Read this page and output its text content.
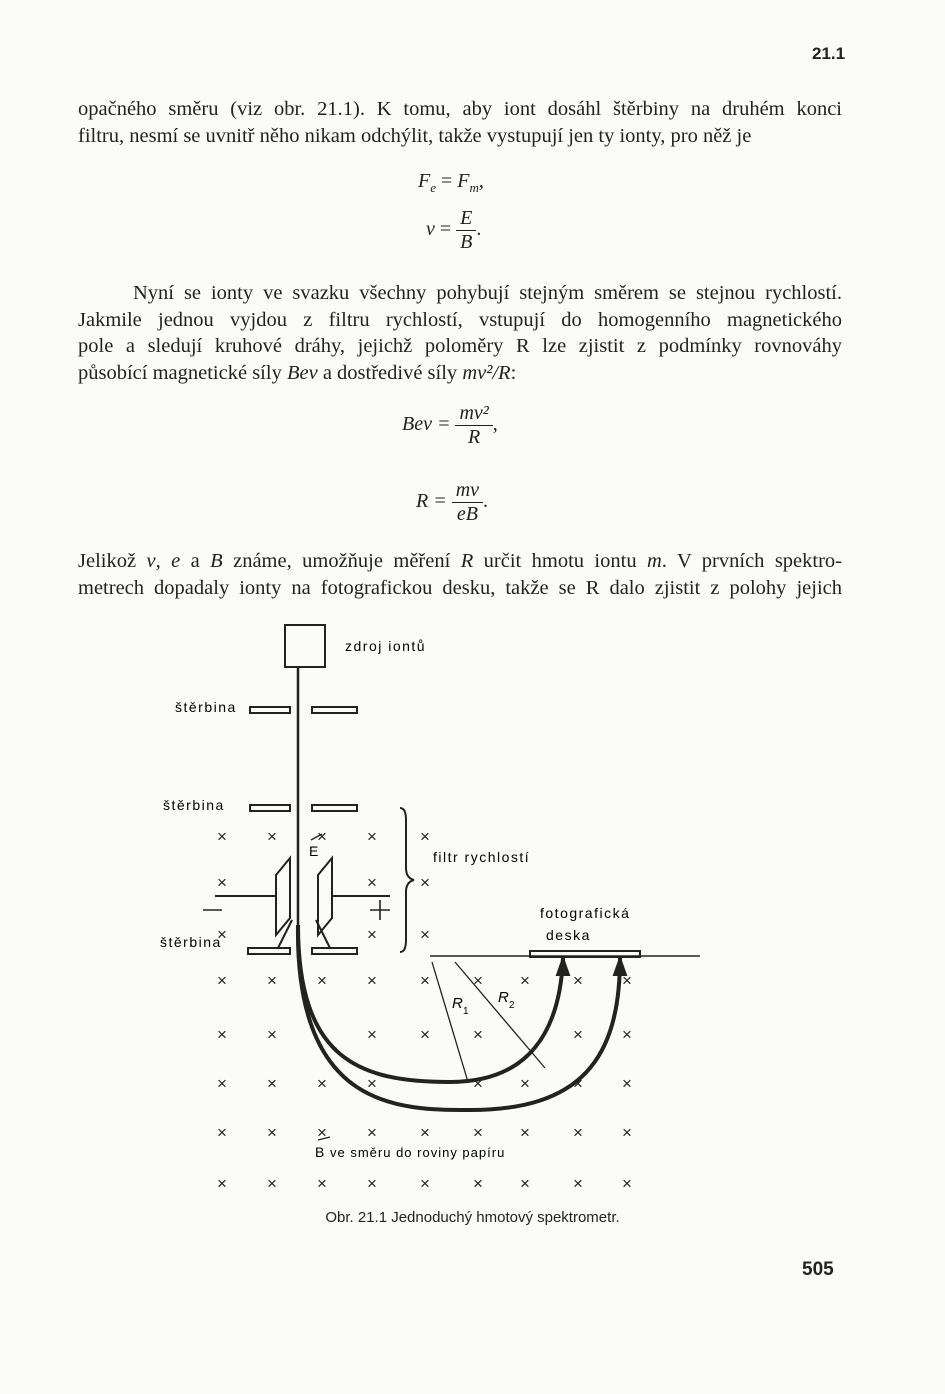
21.1
opačného směru (viz obr. 21.1). K tomu, aby iont dosáhl štěrbiny na druhém konci
filtru, nesmí se uvnitř něho nikam odchýlit, takže vystupují jen ty ionty, pro něž je
$F_e = F_m$,
$v = \frac{E}{B}$ .
Nyní se ionty ve svazku všechny pohybují stejným směrem se stejnou rychlostí.
Jakmile jednou vyjdou z filtru rychlostí, vstupují do homogenního magnetického
pole a sledují kruhové dráhy, jejichž poloměry R lze zjistit z podmínky rovnováhy
působící magnetické síly Bev a dostředivé síly mv²/R:
Bev = $\frac{\text{mv²}}{R}$ ,
$R = \frac{mv}{eB}$ .
Jelikož v, e a B známe, umožňuje měření R určit hmotu iontu m. V prvních spektro-
metrech dopadaly ionty na fotografickou desku, takže se R dalo zjistit z polohy jejich
× × × ×	×
×	×	×
×	×	×
× × × ×	×	× ×	× ×
× ×	×	×	×	× ×
× × × ×	× ×	× ×
× × × ×	×	× ×	× ×
× × × ×	×	× ×	× ×
zdroj iontů
štěrbina
štěrbina
štěrbina
filtr rychlostí
fotografická
deska
E
R 1
R 2
B ve směru do roviny papíru
Obr. 21.1 Jednoduchý hmotový spektrometr.
505
